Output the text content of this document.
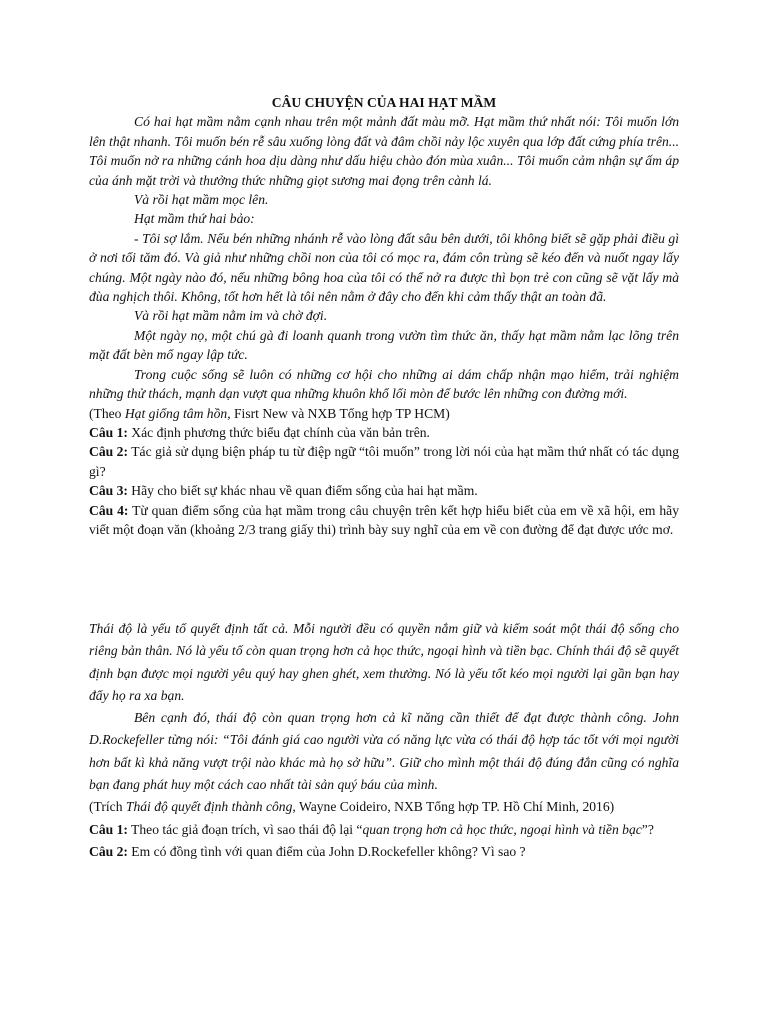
CÂU CHUYỆN CỦA HAI HẠT MẦM

Có hai hạt mầm nằm cạnh nhau trên một mảnh đất màu mỡ. Hạt mầm thứ nhất nói: Tôi muốn lớn lên thật nhanh. Tôi muốn bén rễ sâu xuống lòng đất và đâm chồi nảy lộc xuyên qua lớp đất cứng phía trên... Tôi muốn nở ra những cánh hoa dịu dàng như dấu hiệu chào đón mùa xuân... Tôi muốn cảm nhận sự ấm áp của ánh mặt trời và thưởng thức những giọt sương mai đọng trên cành lá.

Và rồi hạt mầm mọc lên.

Hạt mầm thứ hai bảo:

- Tôi sợ lắm. Nếu bén những nhánh rễ vào lòng đất sâu bên dưới, tôi không biết sẽ gặp phải điều gì ở nơi tối tăm đó. Và giả như những chồi non của tôi có mọc ra, đám côn trùng sẽ kéo đến và nuốt ngay lấy chúng. Một ngày nào đó, nếu những bông hoa của tôi có thể nở ra được thì bọn trẻ con cũng sẽ vặt lấy mà đùa nghịch thôi. Không, tốt hơn hết là tôi nên nằm ở đây cho đến khi cảm thấy thật an toàn đã.

Và rồi hạt mầm nằm im và chờ đợi.

Một ngày nọ, một chú gà đi loanh quanh trong vườn tìm thức ăn, thấy hạt mầm nằm lạc lõng trên mặt đất bèn mổ ngay lập tức.

Trong cuộc sống sẽ luôn có những cơ hội cho những ai dám chấp nhận mạo hiểm, trải nghiệm những thử thách, mạnh dạn vượt qua những khuôn khổ lối mòn để bước lên những con đường mới.

(Theo Hạt giống tâm hồn, Fisrt New và NXB Tổng hợp TP HCM)

Câu 1: Xác định phương thức biểu đạt chính của văn bản trên.

Câu 2: Tác giả sử dụng biện pháp tu từ điệp ngữ “tôi muốn” trong lời nói của hạt mầm thứ nhất có tác dụng gì?

Câu 3: Hãy cho biết sự khác nhau về quan điểm sống của hai hạt mầm.

Câu 4: Từ quan điểm sống của hạt mầm trong câu chuyện trên kết hợp hiểu biết của em về xã hội, em hãy viết một đoạn văn (khoảng 2/3 trang giấy thi) trình bày suy nghĩ của em về con đường để đạt được ước mơ.

Thái độ là yếu tố quyết định tất cả. Mỗi người đều có quyền nắm giữ và kiểm soát một thái độ sống cho riêng bản thân. Nó là yếu tố còn quan trọng hơn cả học thức, ngoại hình và tiền bạc. Chính thái độ sẽ quyết định bạn được mọi người yêu quý hay ghen ghét, xem thường. Nó là yếu tốt kéo mọi người lại gần bạn hay đẩy họ ra xa bạn.

Bên cạnh đó, thái độ còn quan trọng hơn cả kĩ năng cần thiết để đạt được thành công. John D.Rockefeller từng nói: “Tôi đánh giá cao người vừa có năng lực vừa có thái độ hợp tác tốt với mọi người hơn bất kì khả năng vượt trội nào khác mà họ sở hữu”. Giữ cho mình một thái độ đúng đắn cũng có nghĩa bạn đang phát huy một cách cao nhất tài sản quý báu của mình.

(Trích Thái độ quyết định thành công, Wayne Coideiro, NXB Tổng hợp TP. Hồ Chí Minh, 2016)

Câu 1: Theo tác giả đoạn trích, vì sao thái độ lại “quan trọng hơn cả học thức, ngoại hình và tiền bạc”?

Câu 2: Em có đồng tình với quan điểm của John D.Rockefeller không? Vì sao ?
